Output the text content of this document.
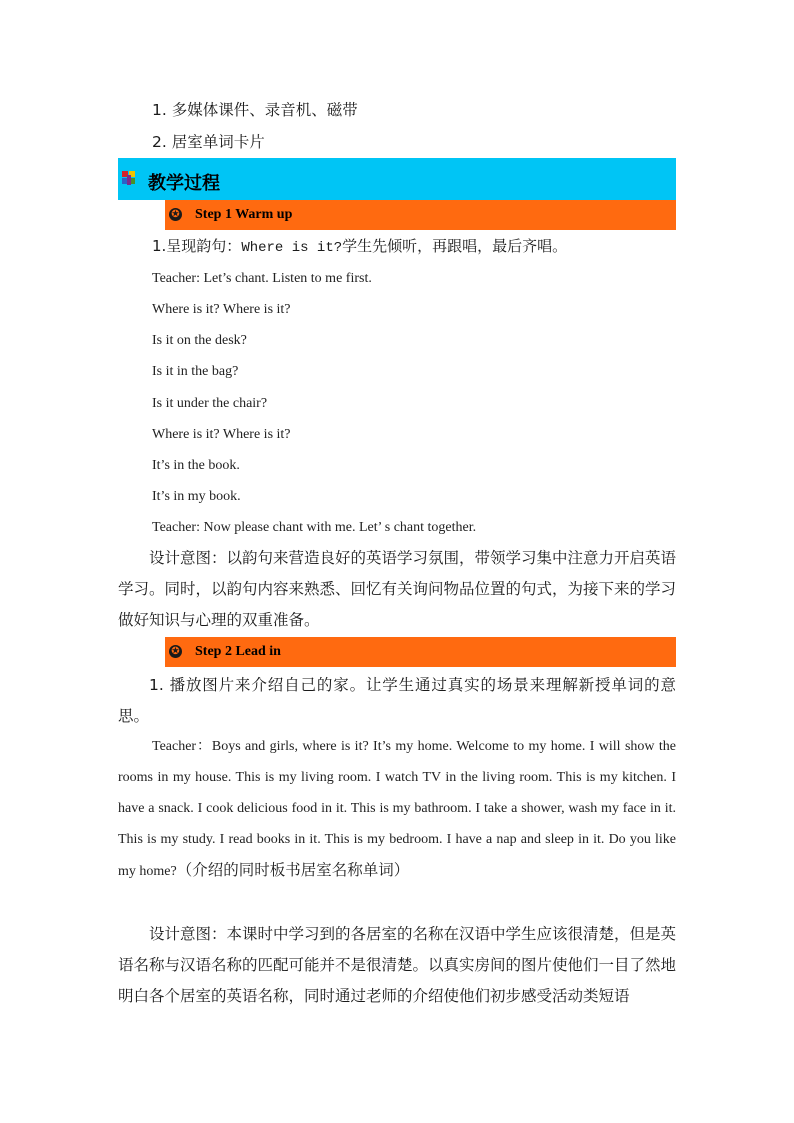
1. 多媒体课件、录音机、磁带
2. 居室单词卡片
教学过程
✪ Step 1 Warm up
1.呈现韵句：Where is it?学生先倾听，再跟唱，最后齐唱。
Teacher: Let’s chant. Listen to me first.
Where is it? Where is it?
Is it on the desk?
Is it in the bag?
Is it under the chair?
Where is it? Where is it?
It’s in the book.
It’s in my book.
Teacher: Now please chant with me. Let’ s chant together.

设计意图：以韵句来营造良好的英语学习氛围，带领学习集中注意力开启英语学习。同时，以韵句内容来熟悉、回忆有关询问物品位置的句式，为接下来的学习做好知识与心理的双重准备。

✪ Step 2 Lead in

1. 播放图片来介绍自己的家。让学生通过真实的场景来理解新授单词的意思。

Teacher：Boys and girls, where is it? It’s my home. Welcome to my home. I will show the rooms in my house. This is my living room. I watch TV in the living room. This is my kitchen. I have a snack. I cook delicious food in it. This is my bathroom. I take a shower, wash my face in it. This is my study. I read books in it. This is my bedroom. I have a nap and sleep in it. Do you like my home?（介绍的同时板书居室名称单词）

设计意图：本课时中学习到的各居室的名称在汉语中学生应该很清楚，但是英语名称与汉语名称的匹配可能并不是很清楚。以真实房间的图片使他们一目了然地明白各个居室的英语名称，同时通过老师的介绍使他们初步感受活动类短语
